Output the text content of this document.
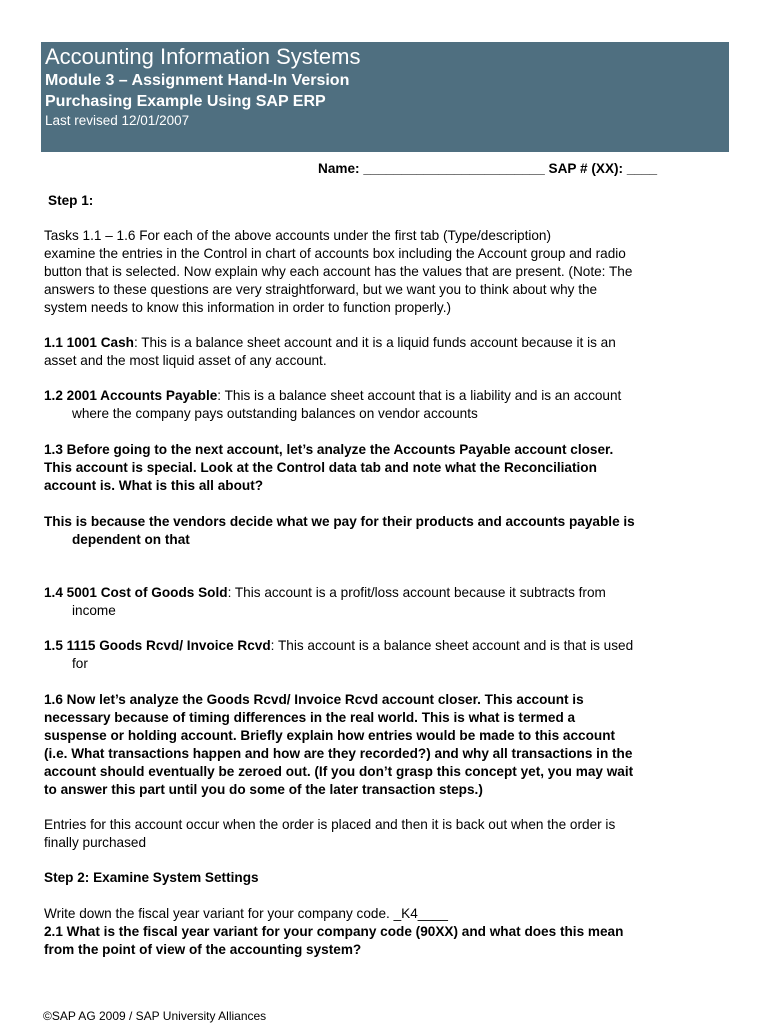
Accounting Information Systems
Module 3 – Assignment Hand-In Version
Purchasing Example Using SAP ERP
Last revised 12/01/2007
Name: ________________________ SAP # (XX): ____
Step 1:
Tasks 1.1 – 1.6 For each of the above accounts under the first tab (Type/description)
examine the entries in the Control in chart of accounts box including the Account group and radio
button that is selected. Now explain why each account has the values that are present. (Note: The
answers to these questions are very straightforward, but we want you to think about why the
system needs to know this information in order to function properly.)
1.1 1001 Cash: This is a balance sheet account and it is a liquid funds account because it is an
asset and the most liquid asset of any account.
1.2 2001 Accounts Payable: This is a balance sheet account that is a liability and is an account
where the company pays outstanding balances on vendor accounts
1.3 Before going to the next account, let’s analyze the Accounts Payable account closer.
This account is special. Look at the Control data tab and note what the Reconciliation
account is. What is this all about?
This is because the vendors decide what we pay for their products and accounts payable is
dependent on that
1.4 5001 Cost of Goods Sold: This account is a profit/loss account because it subtracts from
income
1.5 1115 Goods Rcvd/ Invoice Rcvd: This account is a balance sheet account and is that is used
for
1.6 Now let’s analyze the Goods Rcvd/ Invoice Rcvd account closer. This account is
necessary because of timing differences in the real world. This is what is termed a
suspense or holding account. Briefly explain how entries would be made to this account
(i.e. What transactions happen and how are they recorded?) and why all transactions in the
account should eventually be zeroed out. (If you don’t grasp this concept yet, you may wait
to answer this part until you do some of the later transaction steps.)
Entries for this account occur when the order is placed and then it is back out when the order is
finally purchased
Step 2: Examine System Settings
Write down the fiscal year variant for your company code. _K4____
2.1 What is the fiscal year variant for your company code (90XX) and what does this mean
from the point of view of the accounting system?
©SAP AG 2009 / SAP University Alliances
